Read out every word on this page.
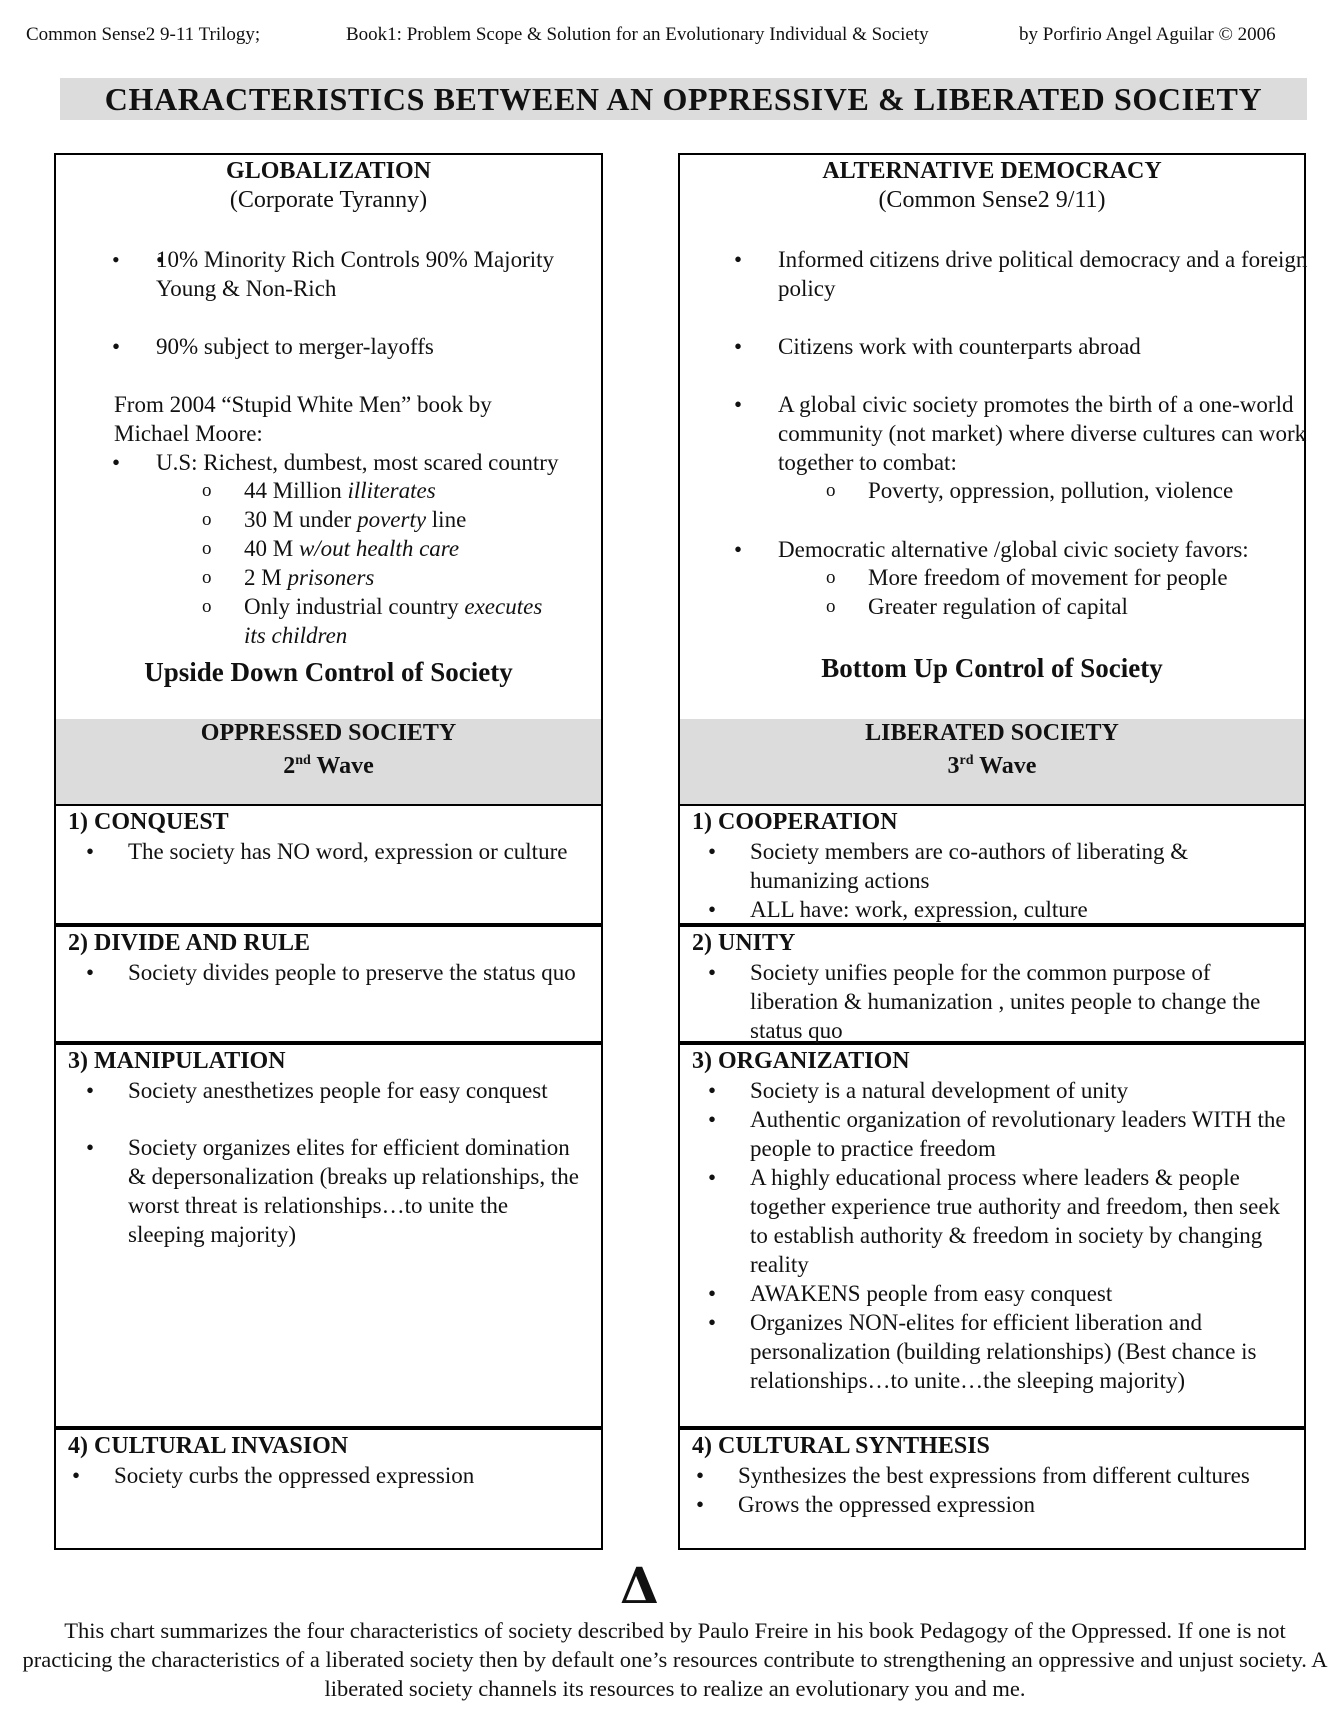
Common Sense2 9-11 Trilogy;	Book1: Problem Scope & Solution for an Evolutionary Individual & Society	by Porfirio Angel Aguilar © 2006
CHARACTERISTICS BETWEEN AN OPPRESSIVE & LIBERATED SOCIETY
GLOBALIZATION
(Corporate Tyranny)
• • 10% Minority Rich Controls 90% Majority Young & Non-Rich
• 90% subject to merger-layoffs
From 2004 “Stupid White Men” book by Michael Moore:
• U.S: Richest, dumbest, most scared country
o 44 Million illiterates
o 30 M under poverty line
o 40 M w/out health care
o 2 M prisoners
o Only industrial country executes its children
Upside Down Control of Society
ALTERNATIVE DEMOCRACY
(Common Sense2 9/11)
• Informed citizens drive political democracy and a foreign policy
• Citizens work with counterparts abroad
• A global civic society promotes the birth of a one-world community (not market) where diverse cultures can work together to combat:
o Poverty, oppression, pollution, violence
• Democratic alternative /global civic society favors:
o More freedom of movement for people
o Greater regulation of capital
Bottom Up Control of Society
OPPRESSED SOCIETY
2nd Wave
LIBERATED SOCIETY
3rd Wave
1) CONQUEST
• The society has NO word, expression or culture
1) COOPERATION
• Society members are co-authors of liberating & humanizing actions
• ALL have: work, expression, culture
2) DIVIDE AND RULE
• Society divides people to preserve the status quo
2) UNITY
• Society unifies people for the common purpose of liberation & humanization , unites people to change the status quo
3) MANIPULATION
• Society anesthetizes people for easy conquest
• Society organizes elites for efficient domination & depersonalization (breaks up relationships, the worst threat is relationships…to unite the sleeping majority)
3) ORGANIZATION
• Society is a natural development of unity
• Authentic organization of revolutionary leaders WITH the people to practice freedom
• A highly educational process where leaders & people together experience true authority and freedom, then seek to establish authority & freedom in society by changing reality
• AWAKENS people from easy conquest
• Organizes NON-elites for efficient liberation and personalization (building relationships) (Best chance is relationships…to unite…the sleeping majority)
4) CULTURAL INVASION
• Society curbs the oppressed expression
4) CULTURAL SYNTHESIS
• Synthesizes the best expressions from different cultures
• Grows the oppressed expression
Δ
This chart summarizes the four characteristics of society described by Paulo Freire in his book Pedagogy of the Oppressed. If one is not practicing the characteristics of a liberated society then by default one’s resources contribute to strengthening an oppressive and unjust society. A liberated society channels its resources to realize an evolutionary you and me.
